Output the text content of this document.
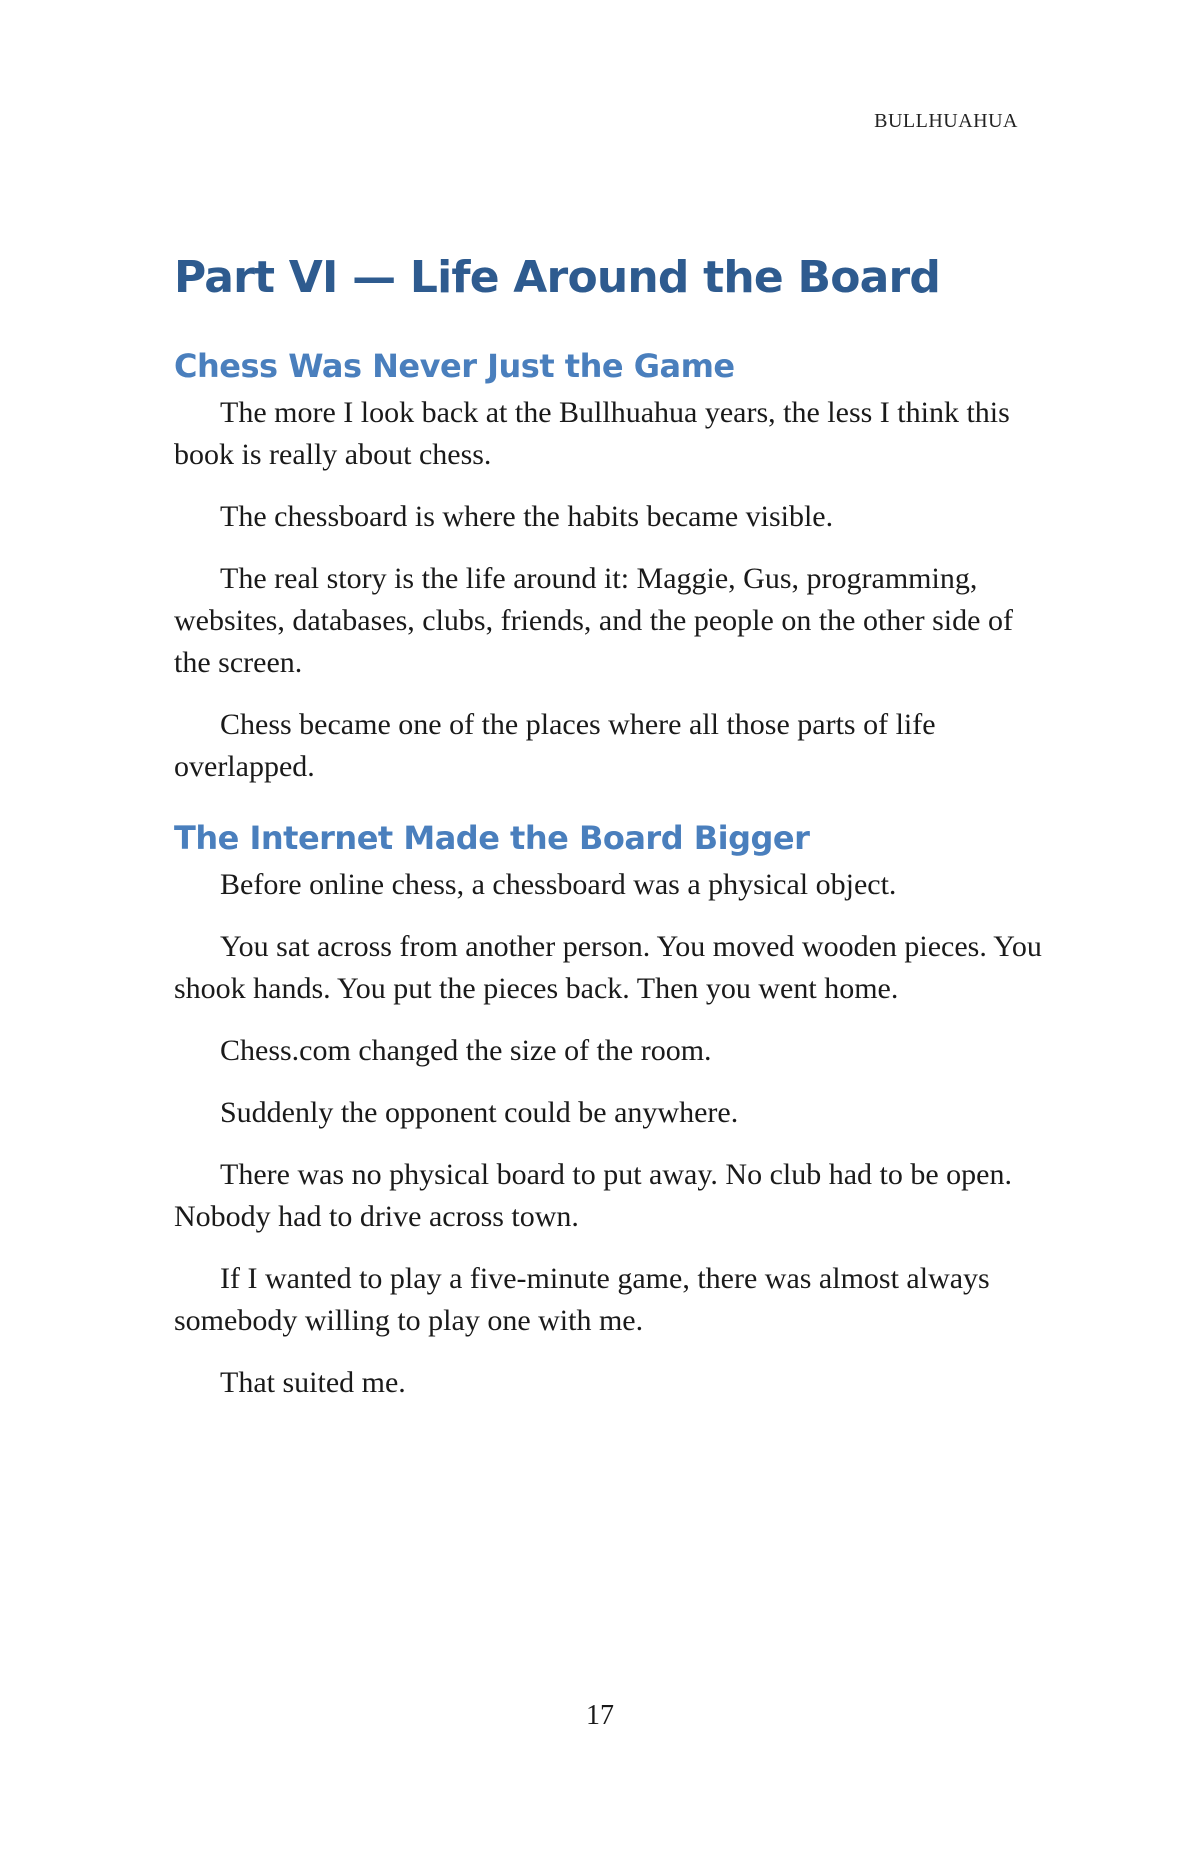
BULLHUAHUA
Part VI — Life Around the Board
Chess Was Never Just the Game

The more I look back at the Bullhuahua years, the less I think this book is really about chess.

The chessboard is where the habits became visible.

The real story is the life around it: Maggie, Gus, programming, websites, databases, clubs, friends, and the people on the other side of the screen.

Chess became one of the places where all those parts of life overlapped.

The Internet Made the Board Bigger

Before online chess, a chessboard was a physical object.

You sat across from another person. You moved wooden pieces. You shook hands. You put the pieces back. Then you went home.

Chess.com changed the size of the room.

Suddenly the opponent could be anywhere.

There was no physical board to put away. No club had to be open. Nobody had to drive across town.

If I wanted to play a five-minute game, there was almost always somebody willing to play one with me.

That suited me.

17
